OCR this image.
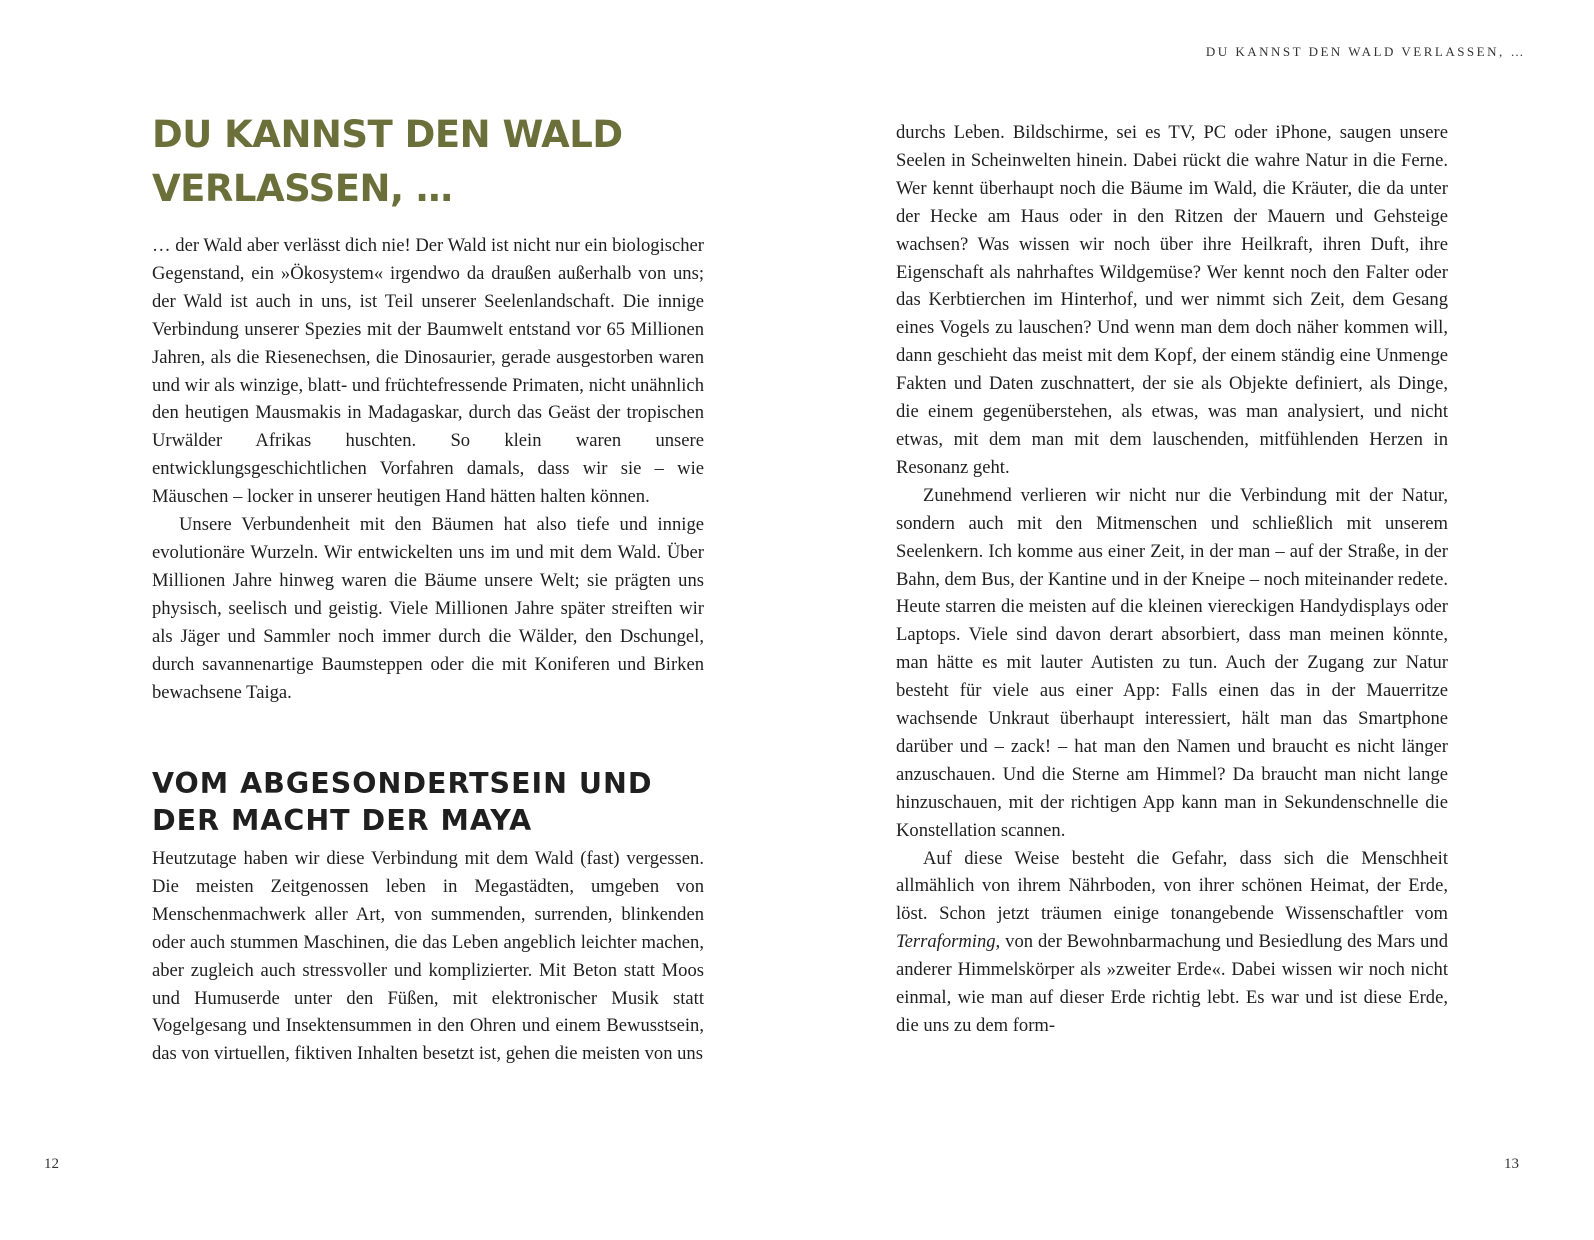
DU KANNST DEN WALD VERLASSEN, …
DU KANNST DEN WALD VERLASSEN, …

… der Wald aber verlässt dich nie! Der Wald ist nicht nur ein biologischer Gegenstand, ein »Ökosystem« irgendwo da draußen außerhalb von uns; der Wald ist auch in uns, ist Teil unserer Seelenlandschaft. Die innige Verbindung unserer Spezies mit der Baumwelt entstand vor 65 Millionen Jahren, als die Riesenechsen, die Dinosaurier, gerade ausgestorben waren und wir als winzige, blatt- und früchtefressende Primaten, nicht unähnlich den heutigen Mausmakis in Madagaskar, durch das Geäst der tropischen Urwälder Afrikas huschten. So klein waren unsere entwicklungsgeschichtlichen Vorfahren damals, dass wir sie – wie Mäuschen – locker in unserer heutigen Hand hätten halten können.

Unsere Verbundenheit mit den Bäumen hat also tiefe und innige evolutionäre Wurzeln. Wir entwickelten uns im und mit dem Wald. Über Millionen Jahre hinweg waren die Bäume unsere Welt; sie prägten uns physisch, seelisch und geistig. Viele Millionen Jahre später streiften wir als Jäger und Sammler noch immer durch die Wälder, den Dschungel, durch savannenartige Baumsteppen oder die mit Koniferen und Birken bewachsene Taiga.

VOM ABGESONDERTSEIN UND DER MACHT DER MAYA

Heutzutage haben wir diese Verbindung mit dem Wald (fast) vergessen. Die meisten Zeitgenossen leben in Megastädten, umgeben von Menschenmachwerk aller Art, von summenden, surrenden, blinkenden oder auch stummen Maschinen, die das Leben angeblich leichter machen, aber zugleich auch stressvoller und komplizierter. Mit Beton statt Moos und Humuserde unter den Füßen, mit elektronischer Musik statt Vogelgesang und Insektensummen in den Ohren und einem Bewusstsein, das von virtuellen, fiktiven Inhalten besetzt ist, gehen die meisten von uns

durchs Leben. Bildschirme, sei es TV, PC oder iPhone, saugen unsere Seelen in Scheinwelten hinein. Dabei rückt die wahre Natur in die Ferne. Wer kennt überhaupt noch die Bäume im Wald, die Kräuter, die da unter der Hecke am Haus oder in den Ritzen der Mauern und Gehsteige wachsen? Was wissen wir noch über ihre Heilkraft, ihren Duft, ihre Eigenschaft als nahrhaftes Wildgemüse? Wer kennt noch den Falter oder das Kerbtierchen im Hinterhof, und wer nimmt sich Zeit, dem Gesang eines Vogels zu lauschen? Und wenn man dem doch näher kommen will, dann geschieht das meist mit dem Kopf, der einem ständig eine Unmenge Fakten und Daten zuschnattert, der sie als Objekte definiert, als Dinge, die einem gegenüberstehen, als etwas, was man analysiert, und nicht etwas, mit dem man mit dem lauschenden, mitfühlenden Herzen in Resonanz geht.

Zunehmend verlieren wir nicht nur die Verbindung mit der Natur, sondern auch mit den Mitmenschen und schließlich mit unserem Seelenkern. Ich komme aus einer Zeit, in der man – auf der Straße, in der Bahn, dem Bus, der Kantine und in der Kneipe – noch miteinander redete. Heute starren die meisten auf die kleinen viereckigen Handydisplays oder Laptops. Viele sind davon derart absorbiert, dass man meinen könnte, man hätte es mit lauter Autisten zu tun. Auch der Zugang zur Natur besteht für viele aus einer App: Falls einen das in der Mauerritze wachsende Unkraut überhaupt interessiert, hält man das Smartphone darüber und – zack! – hat man den Namen und braucht es nicht länger anzuschauen. Und die Sterne am Himmel? Da braucht man nicht lange hinzuschauen, mit der richtigen App kann man in Sekundenschnelle die Konstellation scannen.

Auf diese Weise besteht die Gefahr, dass sich die Menschheit allmählich von ihrem Nährboden, von ihrer schönen Heimat, der Erde, löst. Schon jetzt träumen einige tonangebende Wissenschaftler vom Terraforming, von der Bewohnbarmachung und Besiedlung des Mars und anderer Himmelskörper als »zweiter Erde«. Dabei wissen wir noch nicht einmal, wie man auf dieser Erde richtig lebt. Es war und ist diese Erde, die uns zu dem form-

12	13
